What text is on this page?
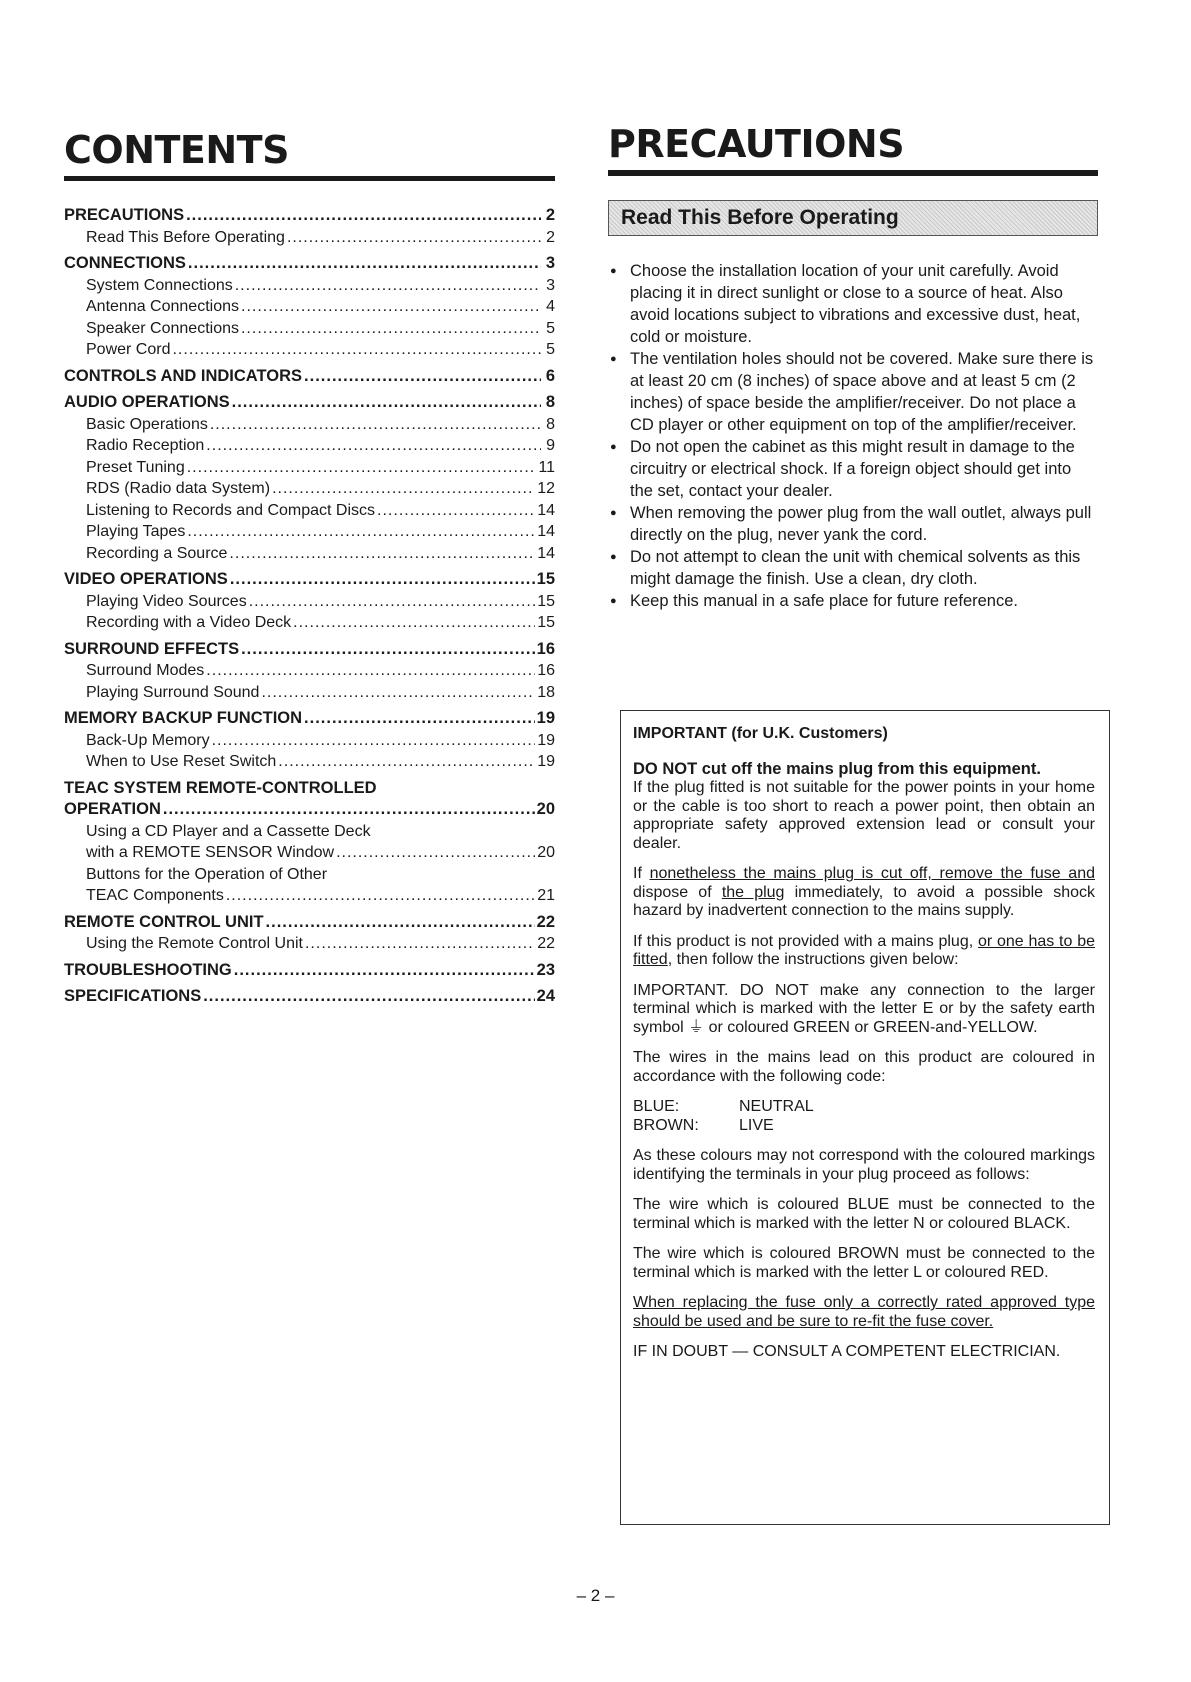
CONTENTS
PRECAUTIONS .....	2
Read This Before Operating .....	2
CONNECTIONS .....	3
System Connections .....	3
Antenna Connections .....	4
Speaker Connections .....	5
Power Cord .....	5
CONTROLS AND INDICATORS .....	6
AUDIO OPERATIONS .....	8
Basic Operations .....	8
Radio Reception .....	9
Preset Tuning .....	11
RDS (Radio data System) .....	12
Listening to Records and Compact Discs .....	14
Playing Tapes .....	14
Recording a Source .....	14
VIDEO OPERATIONS .....	15
Playing Video Sources .....	15
Recording with a Video Deck .....	15
SURROUND EFFECTS .....	16
Surround Modes .....	16
Playing Surround Sound .....	18
MEMORY BACKUP FUNCTION .....	19
Back-Up Memory .....	19
When to Use Reset Switch .....	19
TEAC SYSTEM REMOTE-CONTROLLED
OPERATION .....	20
Using a CD Player and a Cassette Deck
with a REMOTE SENSOR Window .....	20
Buttons for the Operation of Other
TEAC Components .....	21
REMOTE CONTROL UNIT .....	22
Using the Remote Control Unit .....	22
TROUBLESHOOTING .....	23
SPECIFICATIONS .....	24
PRECAUTIONS
Read This Before Operating
● Choose the installation location of your unit carefully. Avoid placing it in direct sunlight or close to a source of heat. Also avoid locations subject to vibrations and excessive dust, heat, cold or moisture.
● The ventilation holes should not be covered. Make sure there is at least 20 cm (8 inches) of space above and at least 5 cm (2 inches) of space beside the amplifier/receiver. Do not place a CD player or other equipment on top of the amplifier/receiver.
● Do not open the cabinet as this might result in damage to the circuitry or electrical shock. If a foreign object should get into the set, contact your dealer.
● When removing the power plug from the wall outlet, always pull directly on the plug, never yank the cord.
● Do not attempt to clean the unit with chemical solvents as this might damage the finish. Use a clean, dry cloth.
● Keep this manual in a safe place for future reference.

IMPORTANT (for U.K. Customers)

DO NOT cut off the mains plug from this equipment.
If the plug fitted is not suitable for the power points in your home or the cable is too short to reach a power point, then obtain an appropriate safety approved extension lead or consult your dealer.

If nonetheless the mains plug is cut off, remove the fuse and dispose of the plug immediately, to avoid a possible shock hazard by inadvertent connection to the mains supply.

If this product is not provided with a mains plug, or one has to be fitted, then follow the instructions given below:

IMPORTANT. DO NOT make any connection to the larger terminal which is marked with the letter E or by the safety earth symbol ⏚ or coloured GREEN or GREEN-and-YELLOW.

The wires in the mains lead on this product are coloured in accordance with the following code:

BLUE:	NEUTRAL
BROWN:	LIVE

As these colours may not correspond with the coloured markings identifying the terminals in your plug proceed as follows:

The wire which is coloured BLUE must be connected to the terminal which is marked with the letter N or coloured BLACK.

The wire which is coloured BROWN must be connected to the terminal which is marked with the letter L or coloured RED.

When replacing the fuse only a correctly rated approved type should be used and be sure to re-fit the fuse cover.

IF IN DOUBT — CONSULT A COMPETENT ELECTRICIAN.

– 2 –
